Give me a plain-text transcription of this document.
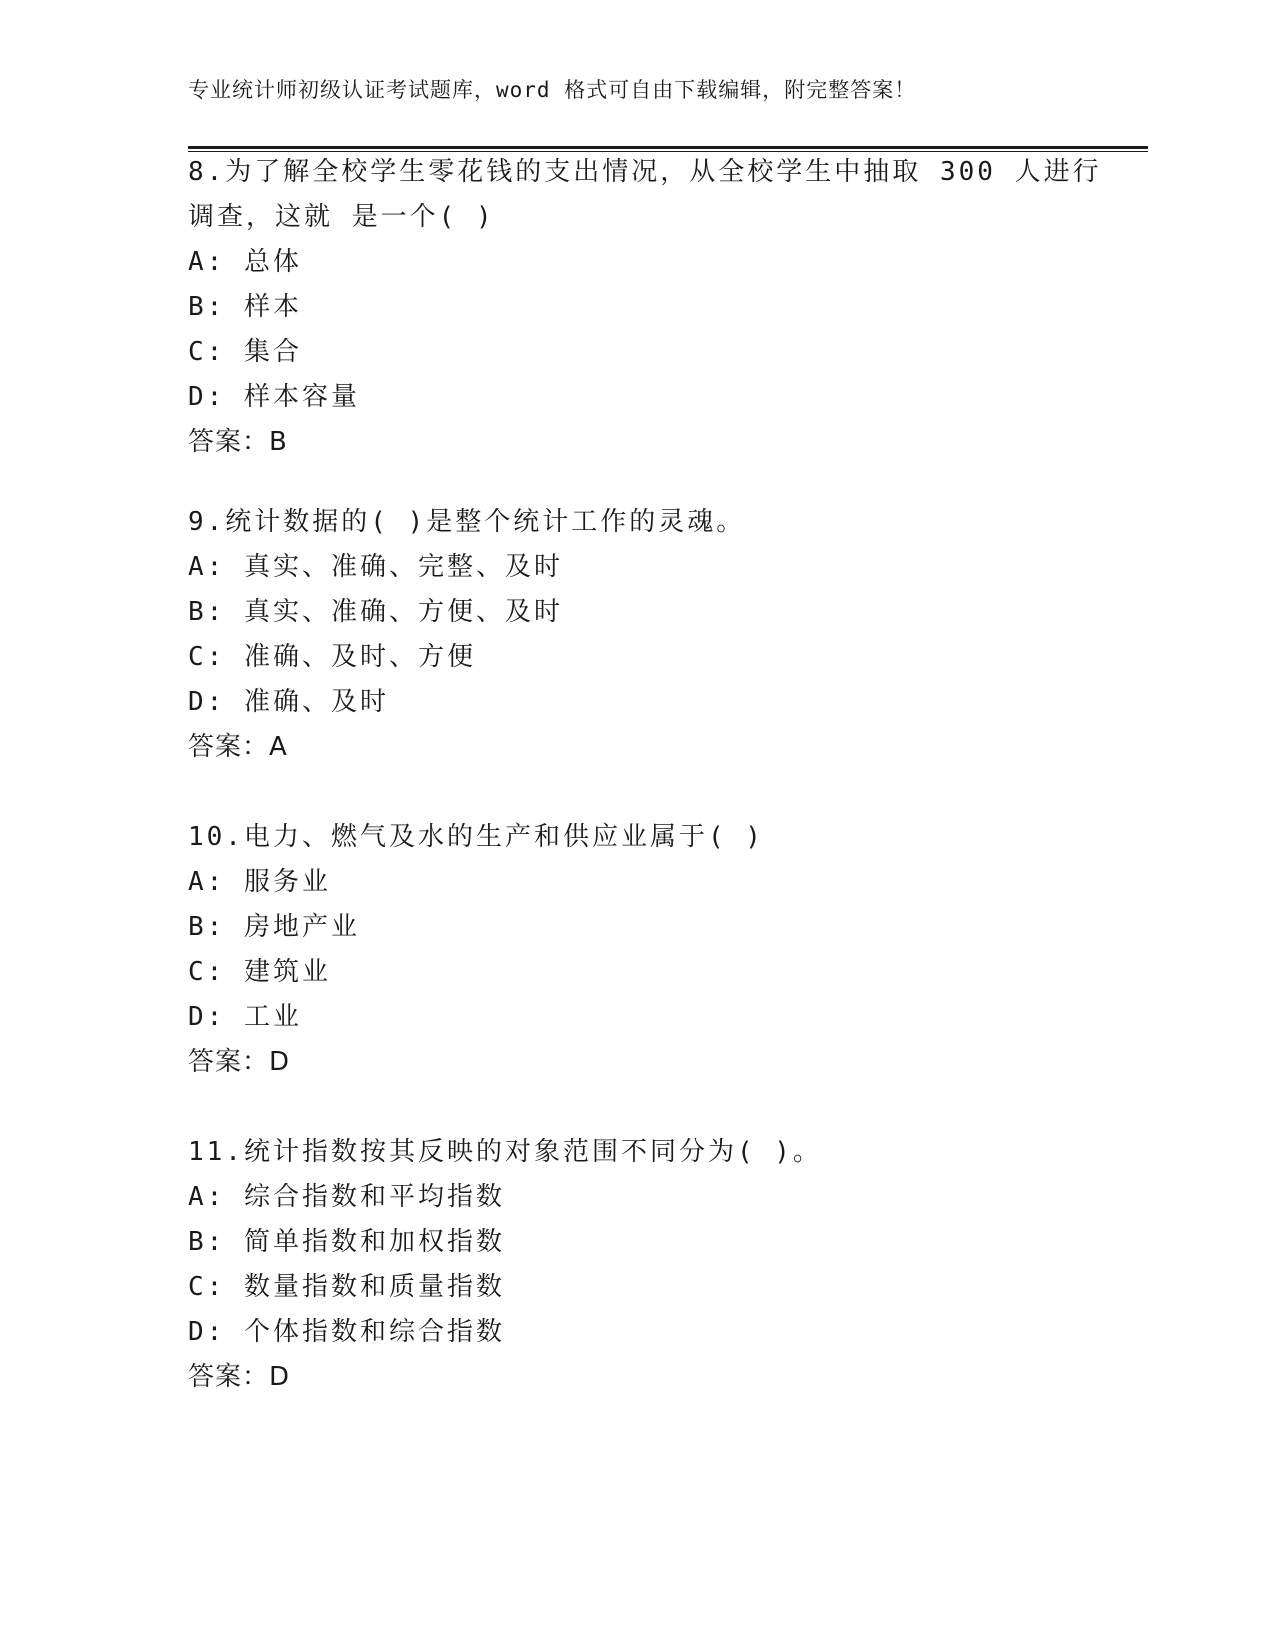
专业统计师初级认证考试题库，word 格式可自由下载编辑，附完整答案！
8.为了解全校学生零花钱的支出情况，从全校学生中抽取 300 人进行
调查，这就 是一个( )
A: 总体
B: 样本
C: 集合
D: 样本容量
答案：B
9.统计数据的( )是整个统计工作的灵魂。
A: 真实、准确、完整、及时
B: 真实、准确、方便、及时
C: 准确、及时、方便
D: 准确、及时
答案：A
10.电力、燃气及水的生产和供应业属于( )
A: 服务业
B: 房地产业
C: 建筑业
D: 工业
答案：D
11.统计指数按其反映的对象范围不同分为( )。
A: 综合指数和平均指数
B: 简单指数和加权指数
C: 数量指数和质量指数
D: 个体指数和综合指数
答案：D
